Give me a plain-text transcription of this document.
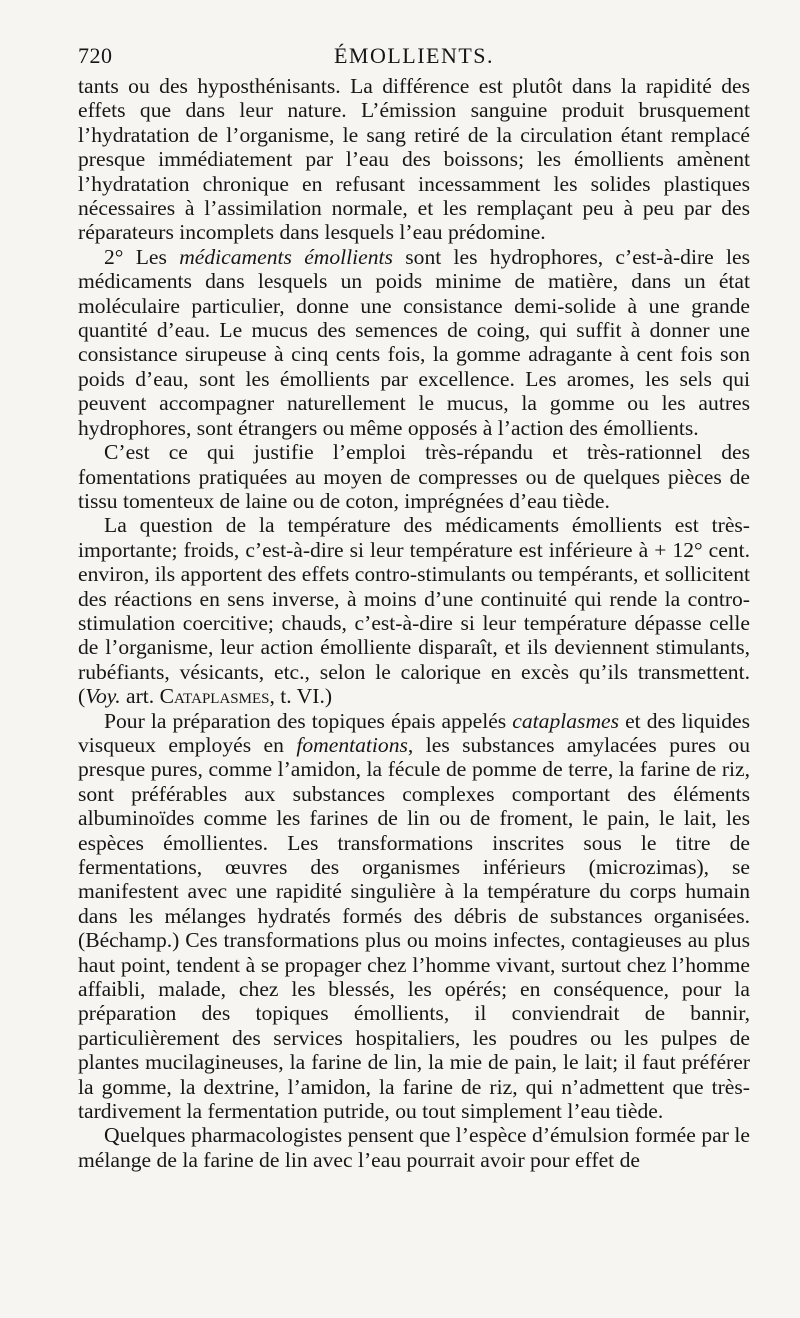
720	ÉMOLLIENTS.

tants ou des hyposthénisants. La différence est plutôt dans la rapidité des effets que dans leur nature. L’émission sanguine produit brusquement l’hydratation de l’organisme, le sang retiré de la circulation étant remplacé presque immédiatement par l’eau des boissons; les émollients amènent l’hydratation chronique en refusant incessamment les solides plastiques nécessaires à l’assimilation normale, et les remplaçant peu à peu par des réparateurs incomplets dans lesquels l’eau prédomine.

2° Les médicaments émollients sont les hydrophores, c’est-à-dire les médicaments dans lesquels un poids minime de matière, dans un état moléculaire particulier, donne une consistance demi-solide à une grande quantité d’eau. Le mucus des semences de coing, qui suffit à donner une consistance sirupeuse à cinq cents fois, la gomme adragante à cent fois son poids d’eau, sont les émollients par excellence. Les aromes, les sels qui peuvent accompagner naturellement le mucus, la gomme ou les autres hydrophores, sont étrangers ou même opposés à l’action des émollients.

C’est ce qui justifie l’emploi très-répandu et très-rationnel des fomentations pratiquées au moyen de compresses ou de quelques pièces de tissu tomenteux de laine ou de coton, imprégnées d’eau tiède.

La question de la température des médicaments émollients est très-importante; froids, c’est-à-dire si leur température est inférieure à + 12° cent. environ, ils apportent des effets contro-stimulants ou tempérants, et sollicitent des réactions en sens inverse, à moins d’une continuité qui rende la contro-stimulation coercitive; chauds, c’est-à-dire si leur température dépasse celle de l’organisme, leur action émolliente disparaît, et ils deviennent stimulants, rubéfiants, vésicants, etc., selon le calorique en excès qu’ils transmettent. (Voy. art. Cataplasmes, t. VI.)

Pour la préparation des topiques épais appelés cataplasmes et des liquides visqueux employés en fomentations, les substances amylacées pures ou presque pures, comme l’amidon, la fécule de pomme de terre, la farine de riz, sont préférables aux substances complexes comportant des éléments albuminoïdes comme les farines de lin ou de froment, le pain, le lait, les espèces émollientes. Les transformations inscrites sous le titre de fermentations, œuvres des organismes inférieurs (microzimas), se manifestent avec une rapidité singulière à la température du corps humain dans les mélanges hydratés formés des débris de substances organisées. (Béchamp.) Ces transformations plus ou moins infectes, contagieuses au plus haut point, tendent à se propager chez l’homme vivant, surtout chez l’homme affaibli, malade, chez les blessés, les opérés; en conséquence, pour la préparation des topiques émollients, il conviendrait de bannir, particulièrement des services hospitaliers, les poudres ou les pulpes de plantes mucilagineuses, la farine de lin, la mie de pain, le lait; il faut préférer la gomme, la dextrine, l’amidon, la farine de riz, qui n’admettent que très-tardivement la fermentation putride, ou tout simplement l’eau tiède.

Quelques pharmacologistes pensent que l’espèce d’émulsion formée par le mélange de la farine de lin avec l’eau pourrait avoir pour effet de
